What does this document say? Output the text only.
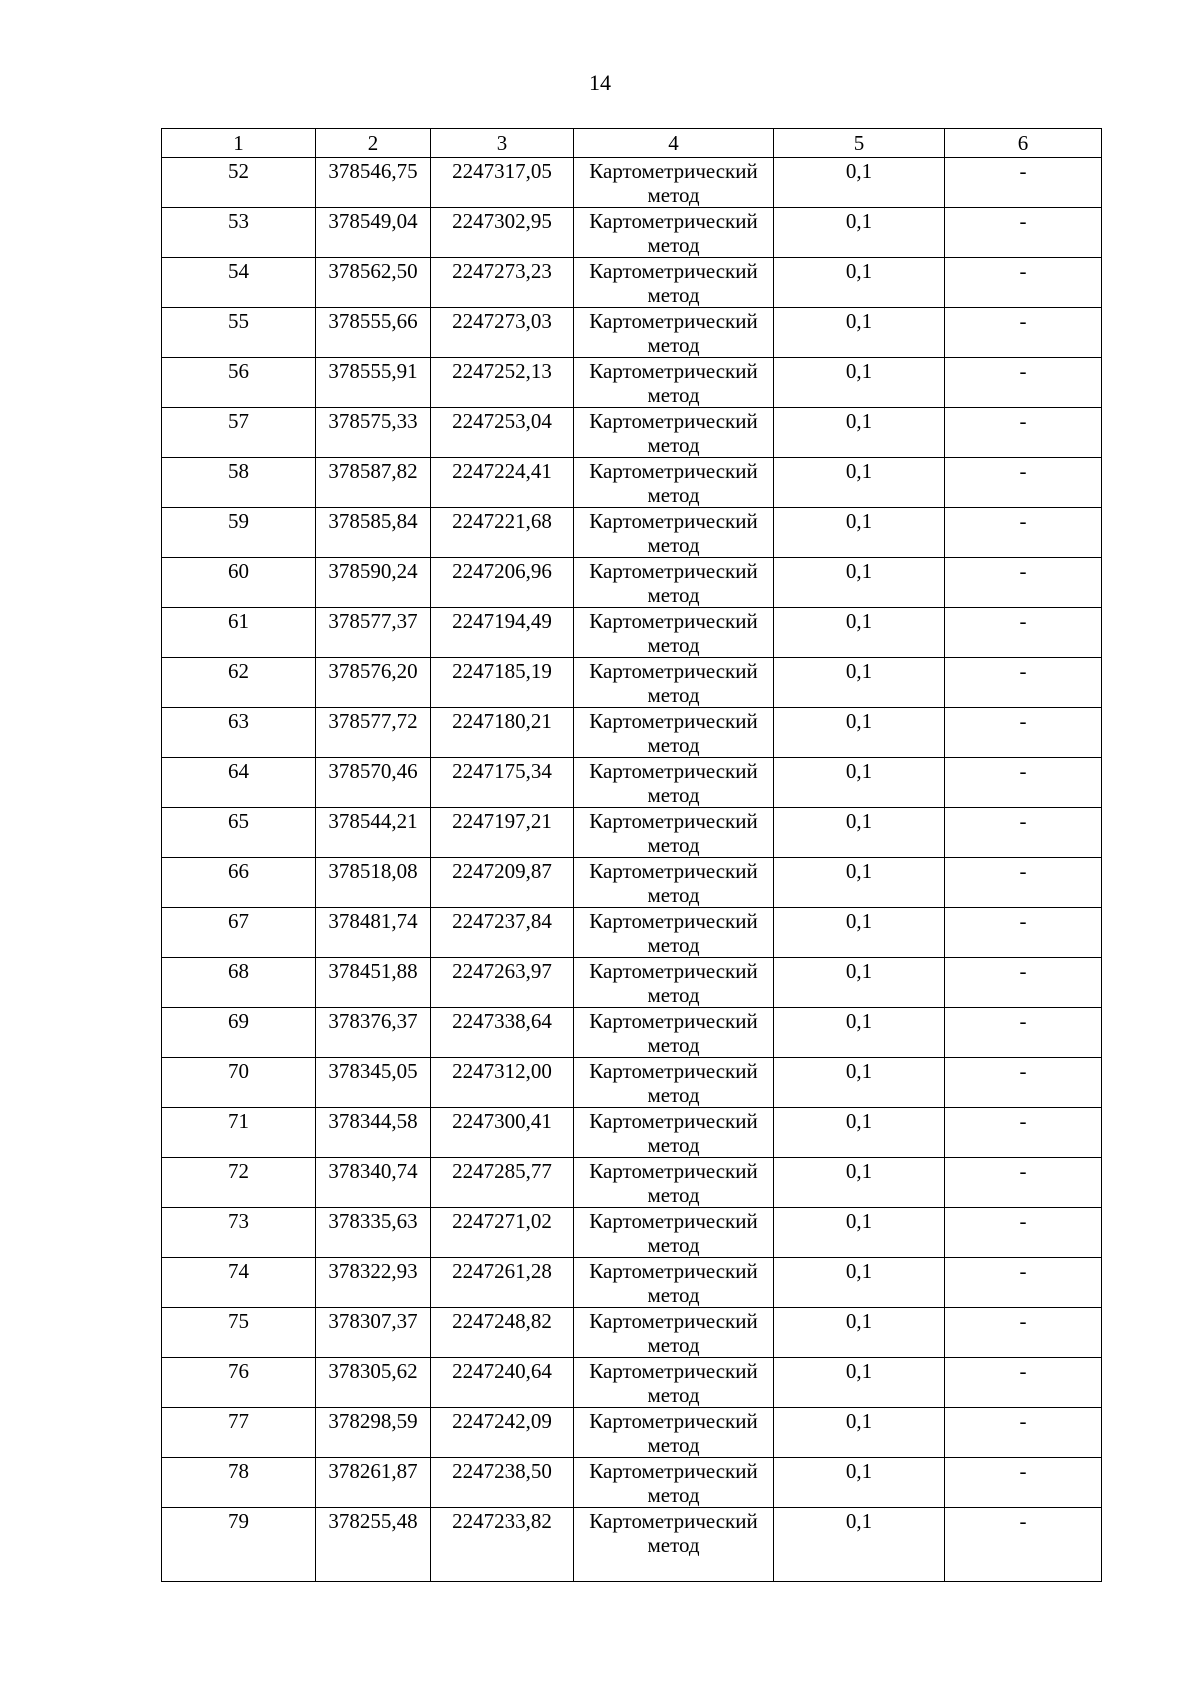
14
1	2	3	4	5	6
52	378546,75	2247317,05	Картометрический метод	0,1	-
53	378549,04	2247302,95	Картометрический метод	0,1	-
54	378562,50	2247273,23	Картометрический метод	0,1	-
55	378555,66	2247273,03	Картометрический метод	0,1	-
56	378555,91	2247252,13	Картометрический метод	0,1	-
57	378575,33	2247253,04	Картометрический метод	0,1	-
58	378587,82	2247224,41	Картометрический метод	0,1	-
59	378585,84	2247221,68	Картометрический метод	0,1	-
60	378590,24	2247206,96	Картометрический метод	0,1	-
61	378577,37	2247194,49	Картометрический метод	0,1	-
62	378576,20	2247185,19	Картометрический метод	0,1	-
63	378577,72	2247180,21	Картометрический метод	0,1	-
64	378570,46	2247175,34	Картометрический метод	0,1	-
65	378544,21	2247197,21	Картометрический метод	0,1	-
66	378518,08	2247209,87	Картометрический метод	0,1	-
67	378481,74	2247237,84	Картометрический метод	0,1	-
68	378451,88	2247263,97	Картометрический метод	0,1	-
69	378376,37	2247338,64	Картометрический метод	0,1	-
70	378345,05	2247312,00	Картометрический метод	0,1	-
71	378344,58	2247300,41	Картометрический метод	0,1	-
72	378340,74	2247285,77	Картометрический метод	0,1	-
73	378335,63	2247271,02	Картометрический метод	0,1	-
74	378322,93	2247261,28	Картометрический метод	0,1	-
75	378307,37	2247248,82	Картометрический метод	0,1	-
76	378305,62	2247240,64	Картометрический метод	0,1	-
77	378298,59	2247242,09	Картометрический метод	0,1	-
78	378261,87	2247238,50	Картометрический метод	0,1	-
79	378255,48	2247233,82	Картометрический метод	0,1	-
